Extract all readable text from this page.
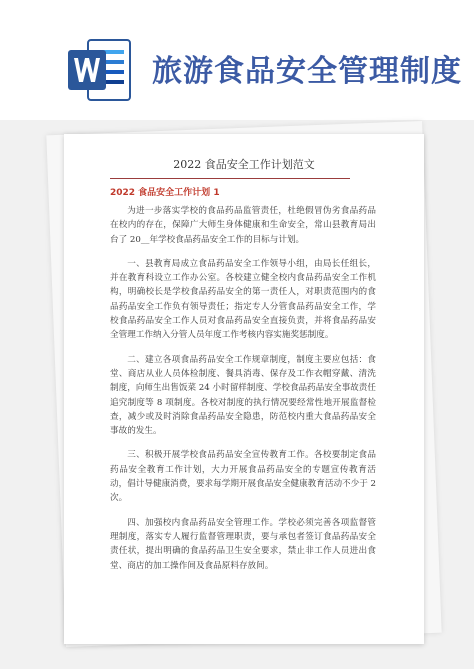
旅游食品安全管理制度
2022 食品安全工作计划范文
2022 食品安全工作计划 1

为进一步落实学校的食品药品监管责任，杜绝假冒伪劣食品药品在校内的存在，保障广大师生身体健康和生命安全，常山县教育局出台了 20__年学校食品药品安全工作的目标与计划。

一、县教育局成立食品药品安全工作领导小组，由局长任组长，并在教育科设立工作办公室。各校建立健全校内食品药品安全工作机构，明确校长是学校食品药品安全的第一责任人，对职责范围内的食品药品安全工作负有领导责任；指定专人分管食品药品安全工作，学校食品药品安全工作人员对食品药品安全直接负责，并将食品药品安全管理工作纳入分管人员年度工作考核内容实施奖惩制度。

二、建立各项食品药品安全工作规章制度，制度主要应包括：食堂、商店从业人员体检制度、餐具消毒、保存及工作衣帽穿戴、清洗制度，向师生出售饭菜 24 小时留样制度、学校食品药品安全事故责任追究制度等 8 项制度。各校对制度的执行情况要经常性地开展监督检查，减少或及时消除食品药品安全隐患，防范校内重大食品药品安全事故的发生。

三、积极开展学校食品药品安全宣传教育工作。各校要制定食品药品安全教育工作计划，大力开展食品药品安全的专题宣传教育活动，倡计导健康消费，要求每学期开展食品安全健康教育活动不少于 2 次。

四、加强校内食品药品安全管理工作。学校必须完善各项监督管理制度，落实专人履行监督管理职责，要与承包者签订食品药品安全责任状，提出明确的食品药品卫生安全要求，禁止非工作人员进出食堂、商店的加工操作间及食品原料存放间。
